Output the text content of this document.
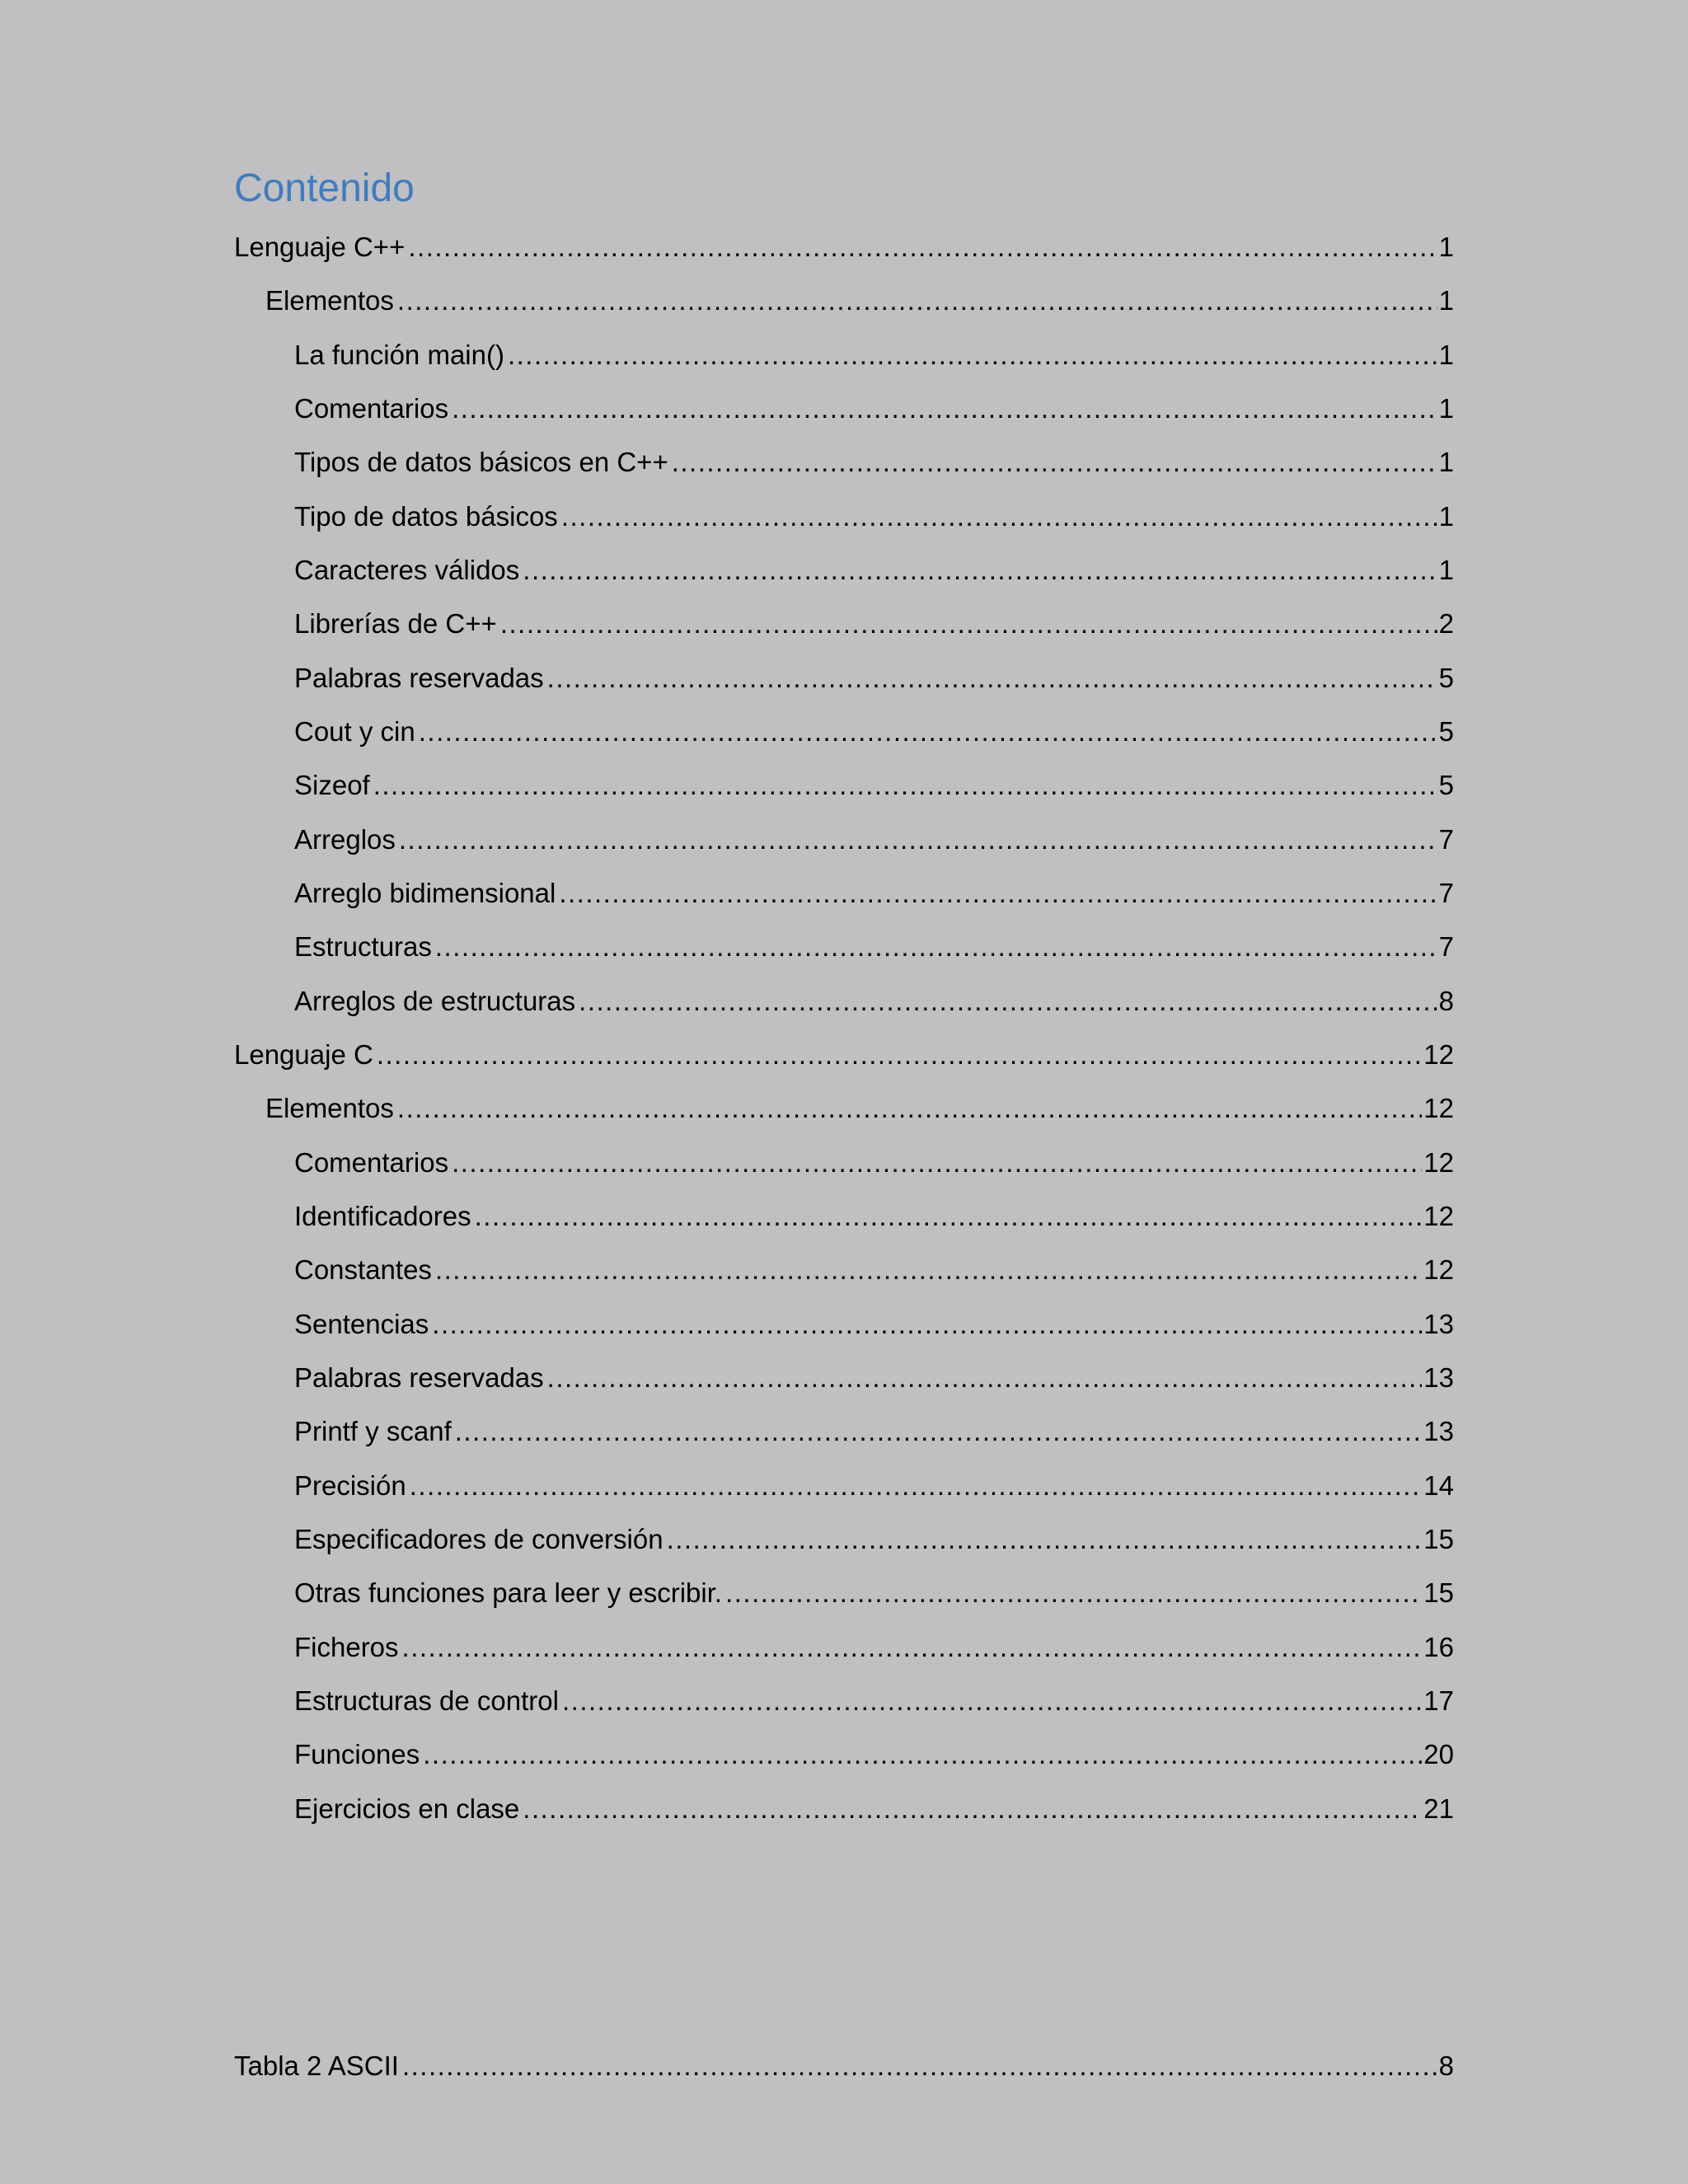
Contenido
Lenguaje C++ .....	1
Elementos .....	1
La función main() .....	1
Comentarios .....	1
Tipos de datos básicos en C++ .....	1
Tipo de datos básicos .....	1
Caracteres válidos .....	1
Librerías de C++ .....	2
Palabras reservadas .....	5
Cout y cin .....	5
Sizeof .....	5
Arreglos .....	7
Arreglo bidimensional .....	7
Estructuras .....	7
Arreglos de estructuras .....	8
Lenguaje C .....	12
Elementos .....	12
Comentarios .....	12
Identificadores .....	12
Constantes .....	12
Sentencias .....	13
Palabras reservadas .....	13
Printf y scanf .....	13
Precisión .....	14
Especificadores de conversión .....	15
Otras funciones para leer y escribir. .....	15
Ficheros .....	16
Estructuras de control .....	17
Funciones .....	20
Ejercicios en clase .....	21
Tabla 2 ASCII .....	8
